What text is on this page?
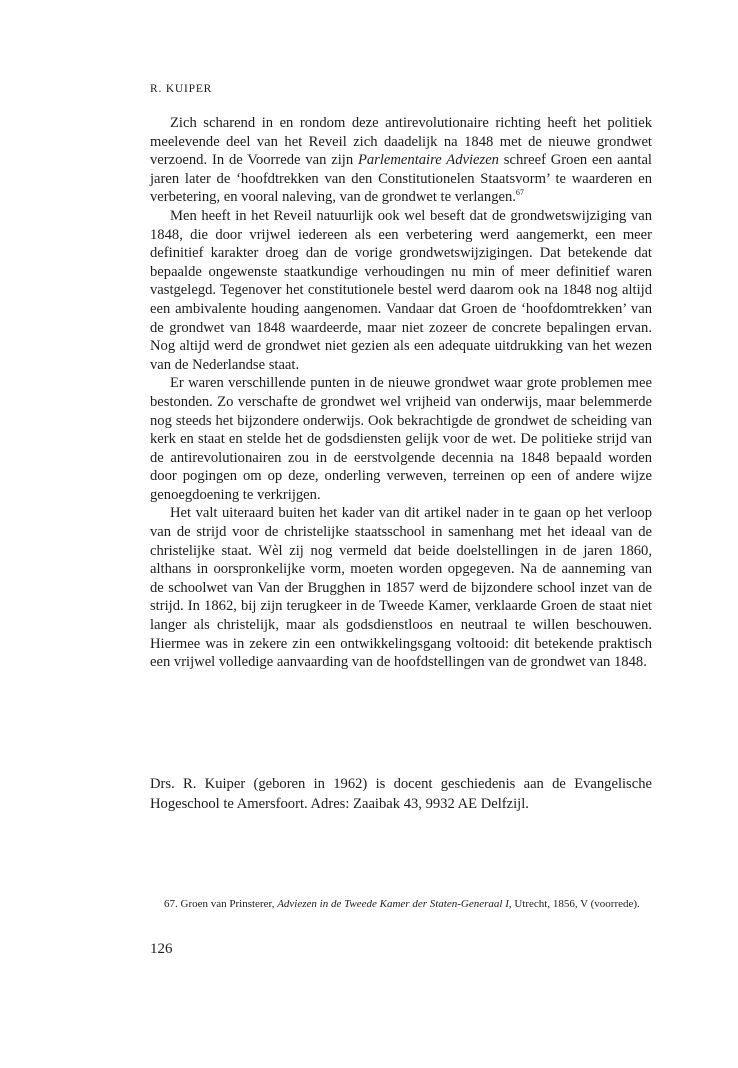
R. KUIPER

Zich scharend in en rondom deze antirevolutionaire richting heeft het politiek meelevende deel van het Reveil zich daadelijk na 1848 met de nieuwe grondwet verzoend. In de Voorrede van zijn Parlementaire Adviezen schreef Groen een aantal jaren later de ‘hoofdtrekken van den Constitutionelen Staatsvorm’ te waarderen en verbetering, en vooral naleving, van de grondwet te verlangen.$^{67}$

Men heeft in het Reveil natuurlijk ook wel beseft dat de grondwetswijziging van 1848, die door vrijwel iedereen als een verbetering werd aangemerkt, een meer definitief karakter droeg dan de vorige grondwetswijzigingen. Dat betekende dat bepaalde ongewenste staatkundige verhoudingen nu min of meer definitief waren vastgelegd. Tegenover het constitutionele bestel werd daarom ook na 1848 nog altijd een ambivalente houding aangenomen. Vandaar dat Groen de ‘hoofdomtrekken’ van de grondwet van 1848 waardeerde, maar niet zozeer de concrete bepalingen ervan. Nog altijd werd de grondwet niet gezien als een adequate uitdrukking van het wezen van de Nederlandse staat.

Er waren verschillende punten in de nieuwe grondwet waar grote problemen mee bestonden. Zo verschafte de grondwet wel vrijheid van onderwijs, maar belemmerde nog steeds het bijzondere onderwijs. Ook bekrachtigde de grondwet de scheiding van kerk en staat en stelde het de godsdiensten gelijk voor de wet. De politieke strijd van de antirevolutionairen zou in de eerstvolgende decennia na 1848 bepaald worden door pogingen om op deze, onderling verweven, terreinen op een of andere wijze genoegdoening te verkrijgen.

Het valt uiteraard buiten het kader van dit artikel nader in te gaan op het verloop van de strijd voor de christelijke staatsschool in samenhang met het ideaal van de christelijke staat. Wèl zij nog vermeld dat beide doelstellingen in de jaren 1860, althans in oorspronkelijke vorm, moeten worden opgegeven. Na de aanneming van de schoolwet van Van der Brugghen in 1857 werd de bijzondere school inzet van de strijd. In 1862, bij zijn terugkeer in de Tweede Kamer, verklaarde Groen de staat niet langer als christelijk, maar als godsdienstloos en neutraal te willen beschouwen. Hiermee was in zekere zin een ontwikkelingsgang voltooid: dit betekende praktisch een vrijwel volledige aanvaarding van de hoofdstellingen van de grondwet van 1848.

Drs. R. Kuiper (geboren in 1962) is docent geschiedenis aan de Evangelische Hogeschool te Amersfoort. Adres: Zaaibak 43, 9932 AE Delfzijl.

67. Groen van Prinsterer, Adviezen in de Tweede Kamer der Staten-Generaal I, Utrecht, 1856, V (voorrede).

126
